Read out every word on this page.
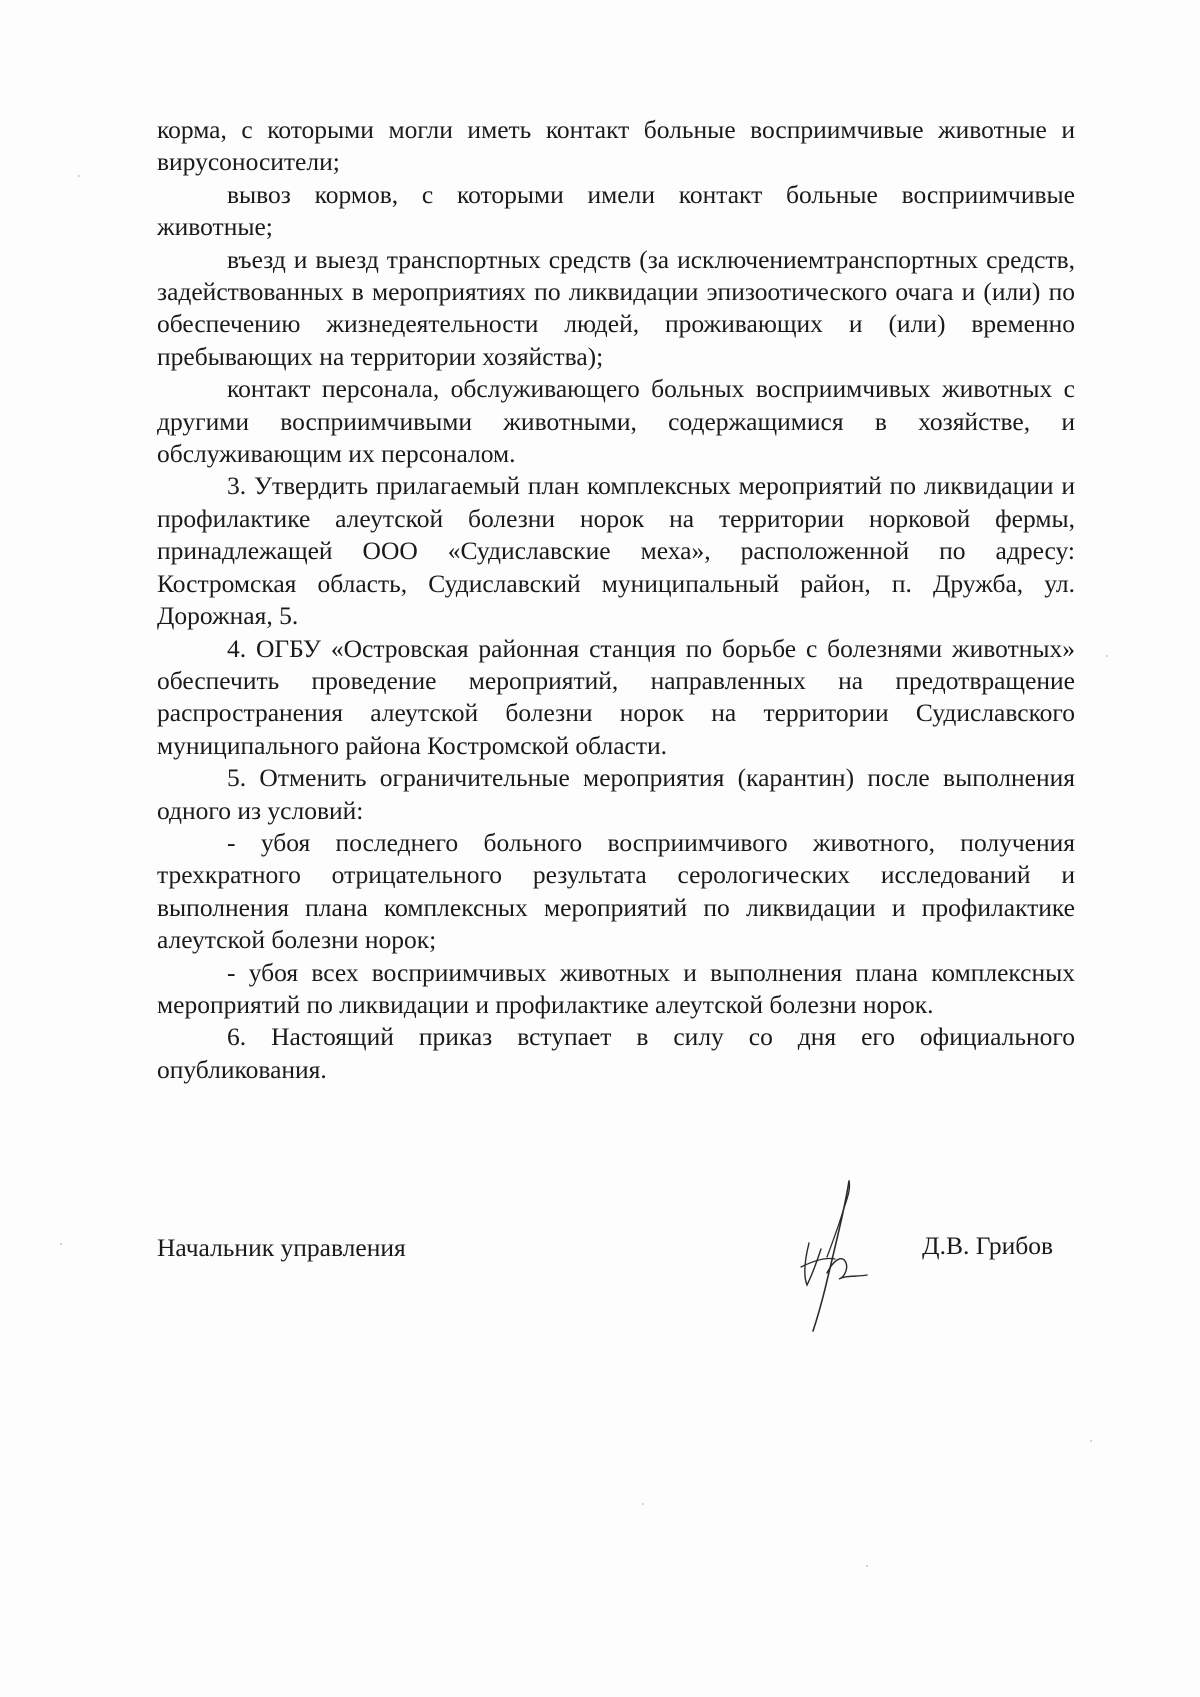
корма, с которыми могли иметь контакт больные восприимчивые животные и вирусоносители;

вывоз кормов, с которыми имели контакт больные восприимчивые животные;

въезд и выезд транспортных средств (за исключениемтранспортных средств, задействованных в мероприятиях по ликвидации эпизоотического очага и (или) по обеспечению жизнедеятельности людей, проживающих и (или) временно пребывающих на территории хозяйства);

контакт персонала, обслуживающего больных восприимчивых животных с другими восприимчивыми животными, содержащимися в хозяйстве, и обслуживающим их персоналом.

3. Утвердить прилагаемый план комплексных мероприятий по ликвидации и профилактике алеутской болезни норок на территории норковой фермы, принадлежащей ООО «Судиславские меха», расположенной по адресу: Костромская область, Судиславский муниципальный район, п. Дружба, ул. Дорожная, 5.

4. ОГБУ «Островская районная станция по борьбе с болезнями животных» обеспечить проведение мероприятий, направленных на предотвращение распространения алеутской болезни норок на территории Судиславского муниципального района Костромской области.

5. Отменить ограничительные мероприятия (карантин) после выполнения одного из условий:

- убоя последнего больного восприимчивого животного, получения трехкратного отрицательного результата серологических исследований и выполнения плана комплексных мероприятий по ликвидации и профилактике алеутской болезни норок;

- убоя всех восприимчивых животных и выполнения плана комплексных мероприятий по ликвидации и профилактике алеутской болезни норок.

6. Настоящий приказ вступает в силу со дня его официального опубликования.

Начальник управления	Д.В. Грибов
